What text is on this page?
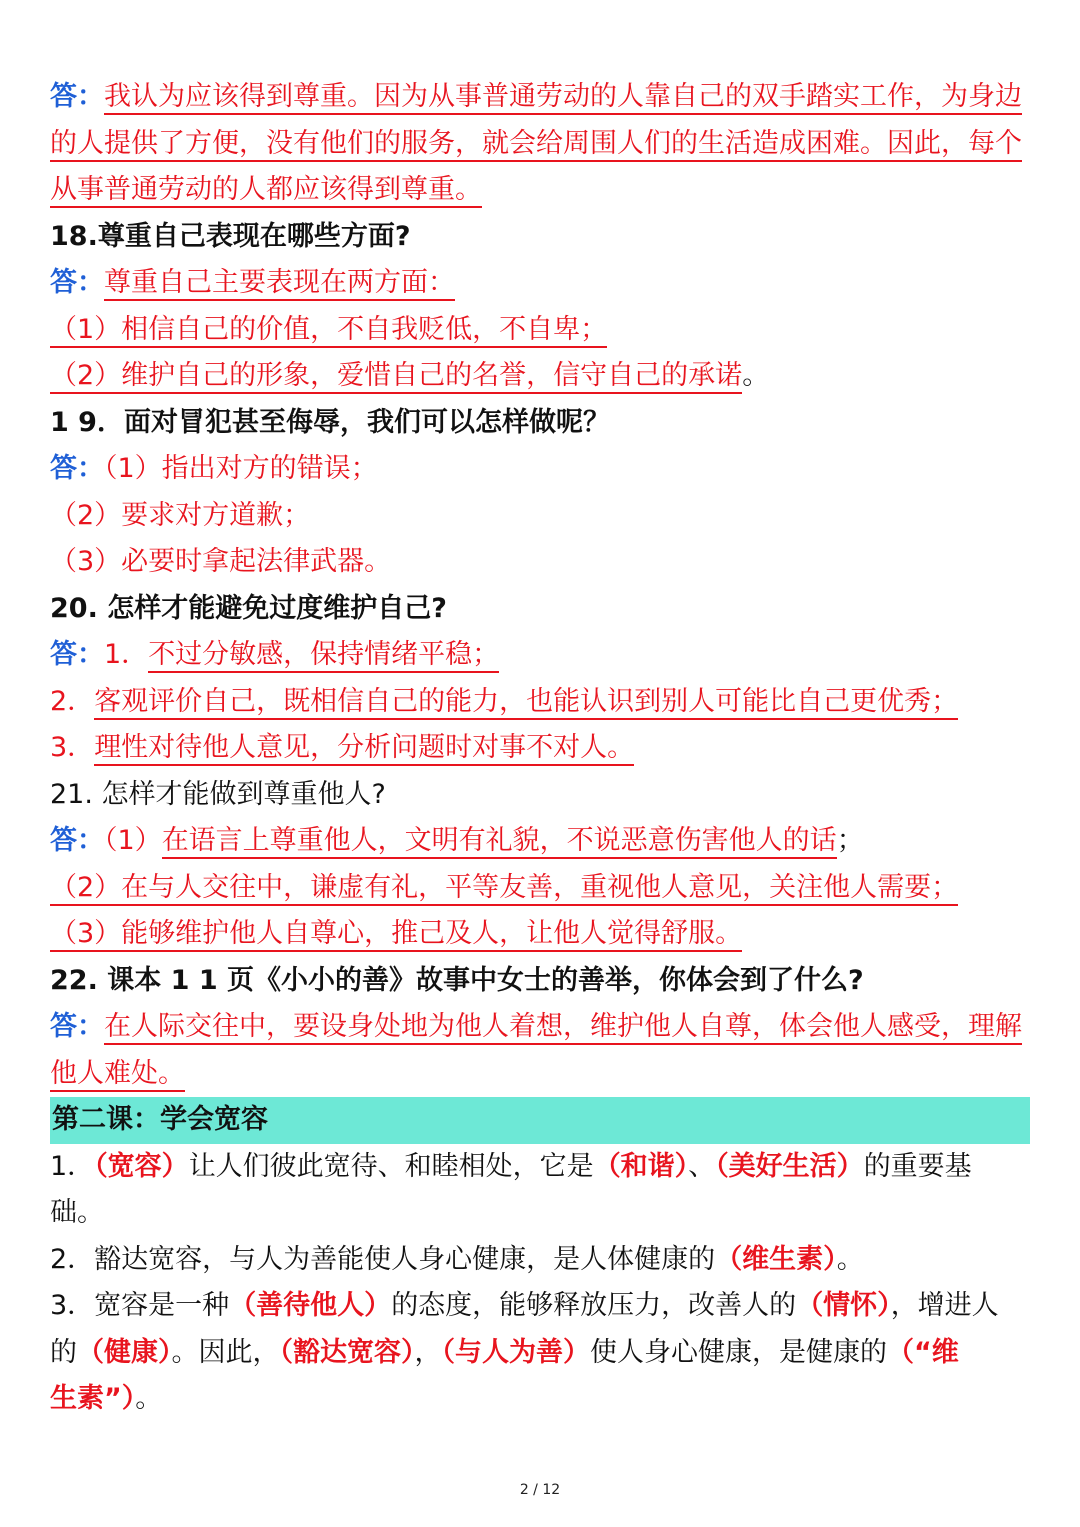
答：我认为应该得到尊重。因为从事普通劳动的人靠自己的双手踏实工作，为身边
的人提供了方便，没有他们的服务，就会给周围人们的生活造成困难。因此，每个
从事普通劳动的人都应该得到尊重。
18.尊重自己表现在哪些方面?
答：尊重自己主要表现在两方面：
（1）相信自己的价值，不自我贬低，不自卑；
（2）维护自己的形象，爱惜自己的名誉，信守自己的承诺。
1 9．面对冒犯甚至侮辱，我们可以怎样做呢？
答：（1）指出对方的错误；
（2）要求对方道歉；
（3）必要时拿起法律武器。
20. 怎样才能避免过度维护自己?
答：1．不过分敏感，保持情绪平稳；
2．客观评价自己，既相信自己的能力，也能认识到别人可能比自己更优秀；
3．理性对待他人意见，分析问题时对事不对人。
21. 怎样才能做到尊重他人?
答：（1）在语言上尊重他人，文明有礼貌，不说恶意伤害他人的话；
（2）在与人交往中，谦虚有礼，平等友善，重视他人意见，关注他人需要；
（3）能够维护他人自尊心，推己及人，让他人觉得舒服。
22. 课本 1 1 页《小小的善》故事中女士的善举，你体会到了什么?
答：在人际交往中，要设身处地为他人着想，维护他人自尊，体会他人感受，理解
他人难处。
第二课：学会宽容
1．（宽容）让人们彼此宽待、和睦相处，它是（和谐）、（美好生活）的重要基
础。
2．豁达宽容，与人为善能使人身心健康，是人体健康的（维生素）。
3．宽容是一种（善待他人）的态度，能够释放压力，改善人的（情怀），增进人
的（健康）。因此，（豁达宽容），（与人为善）使人身心健康，是健康的（“维
生素”）。
2 / 12
